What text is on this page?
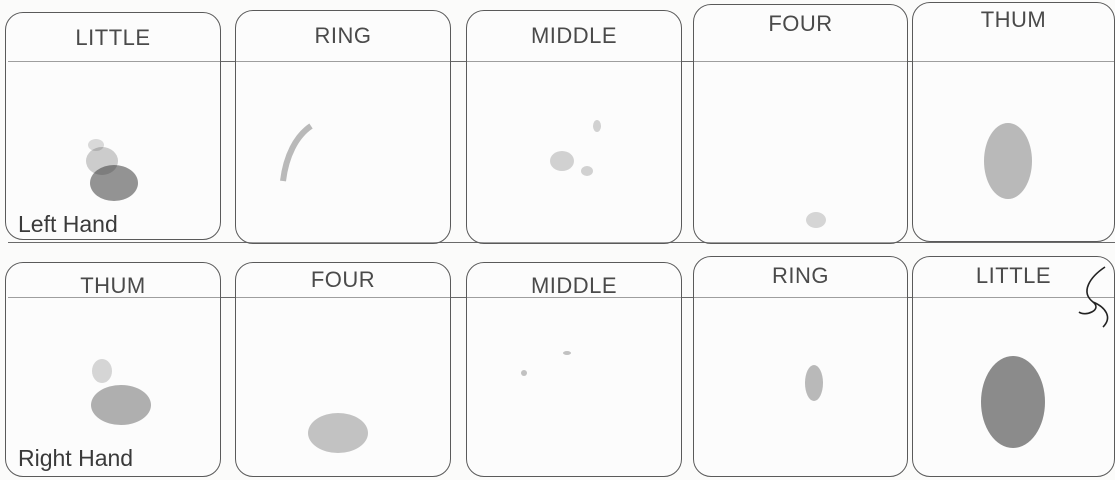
LITTLE
Left Hand
RING	MIDDLE	FOUR	THUM
THUM
Right Hand
FOUR	MIDDLE	RING	LITTLE
